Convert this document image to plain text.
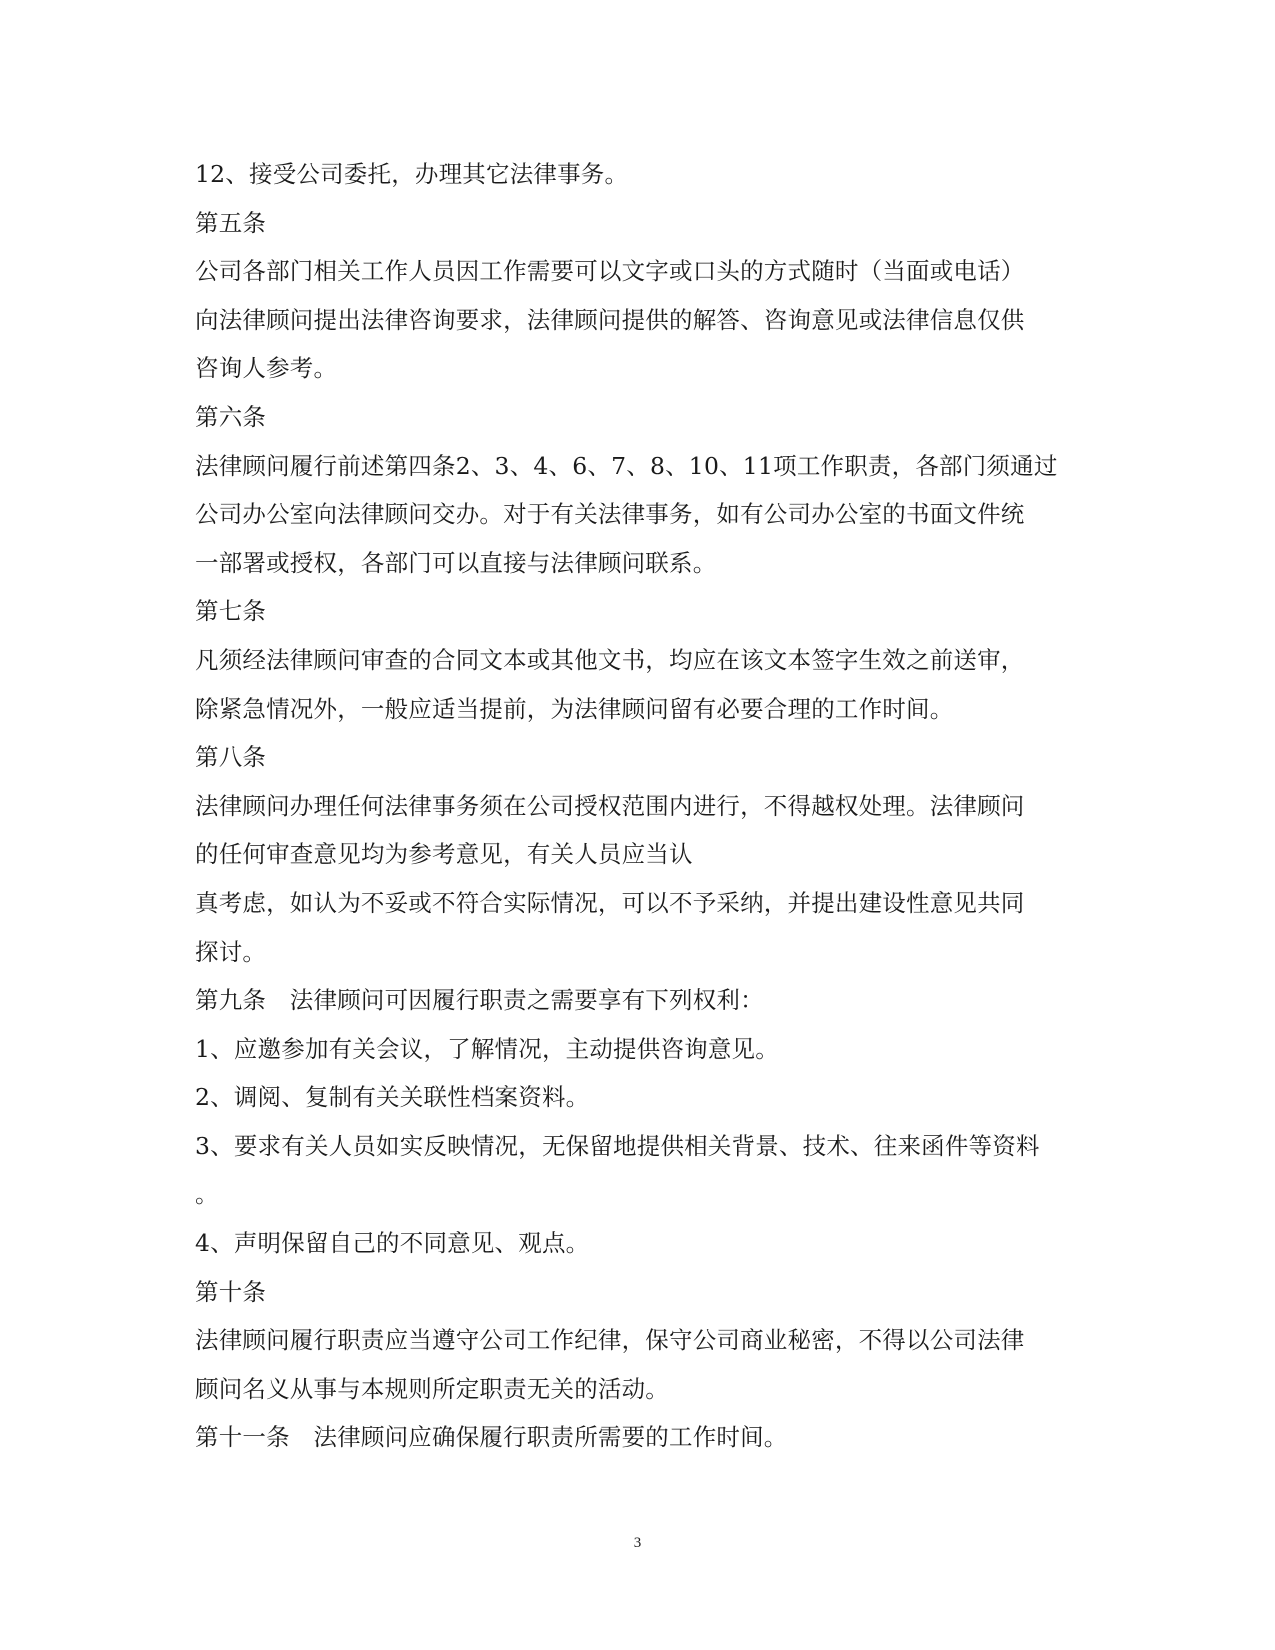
12、接受公司委托，办理其它法律事务。
第五条
公司各部门相关工作人员因工作需要可以文字或口头的方式随时（当面或电话）
向法律顾问提出法律咨询要求，法律顾问提供的解答、咨询意见或法律信息仅供
咨询人参考。
第六条
法律顾问履行前述第四条2、3、4、6、7、8、10、11项工作职责，各部门须通过
公司办公室向法律顾问交办。对于有关法律事务，如有公司办公室的书面文件统
一部署或授权，各部门可以直接与法律顾问联系。
第七条
凡须经法律顾问审查的合同文本或其他文书，均应在该文本签字生效之前送审，
除紧急情况外，一般应适当提前，为法律顾问留有必要合理的工作时间。
第八条
法律顾问办理任何法律事务须在公司授权范围内进行，不得越权处理。法律顾问
的任何审查意见均为参考意见，有关人员应当认
真考虑，如认为不妥或不符合实际情况，可以不予采纳，并提出建设性意见共同
探讨。
第九条　法律顾问可因履行职责之需要享有下列权利：
1、应邀参加有关会议，了解情况，主动提供咨询意见。
2、调阅、复制有关关联性档案资料。
3、要求有关人员如实反映情况，无保留地提供相关背景、技术、往来函件等资料
。
4、声明保留自己的不同意见、观点。
第十条
法律顾问履行职责应当遵守公司工作纪律，保守公司商业秘密，不得以公司法律
顾问名义从事与本规则所定职责无关的活动。
第十一条　法律顾问应确保履行职责所需要的工作时间。
3
